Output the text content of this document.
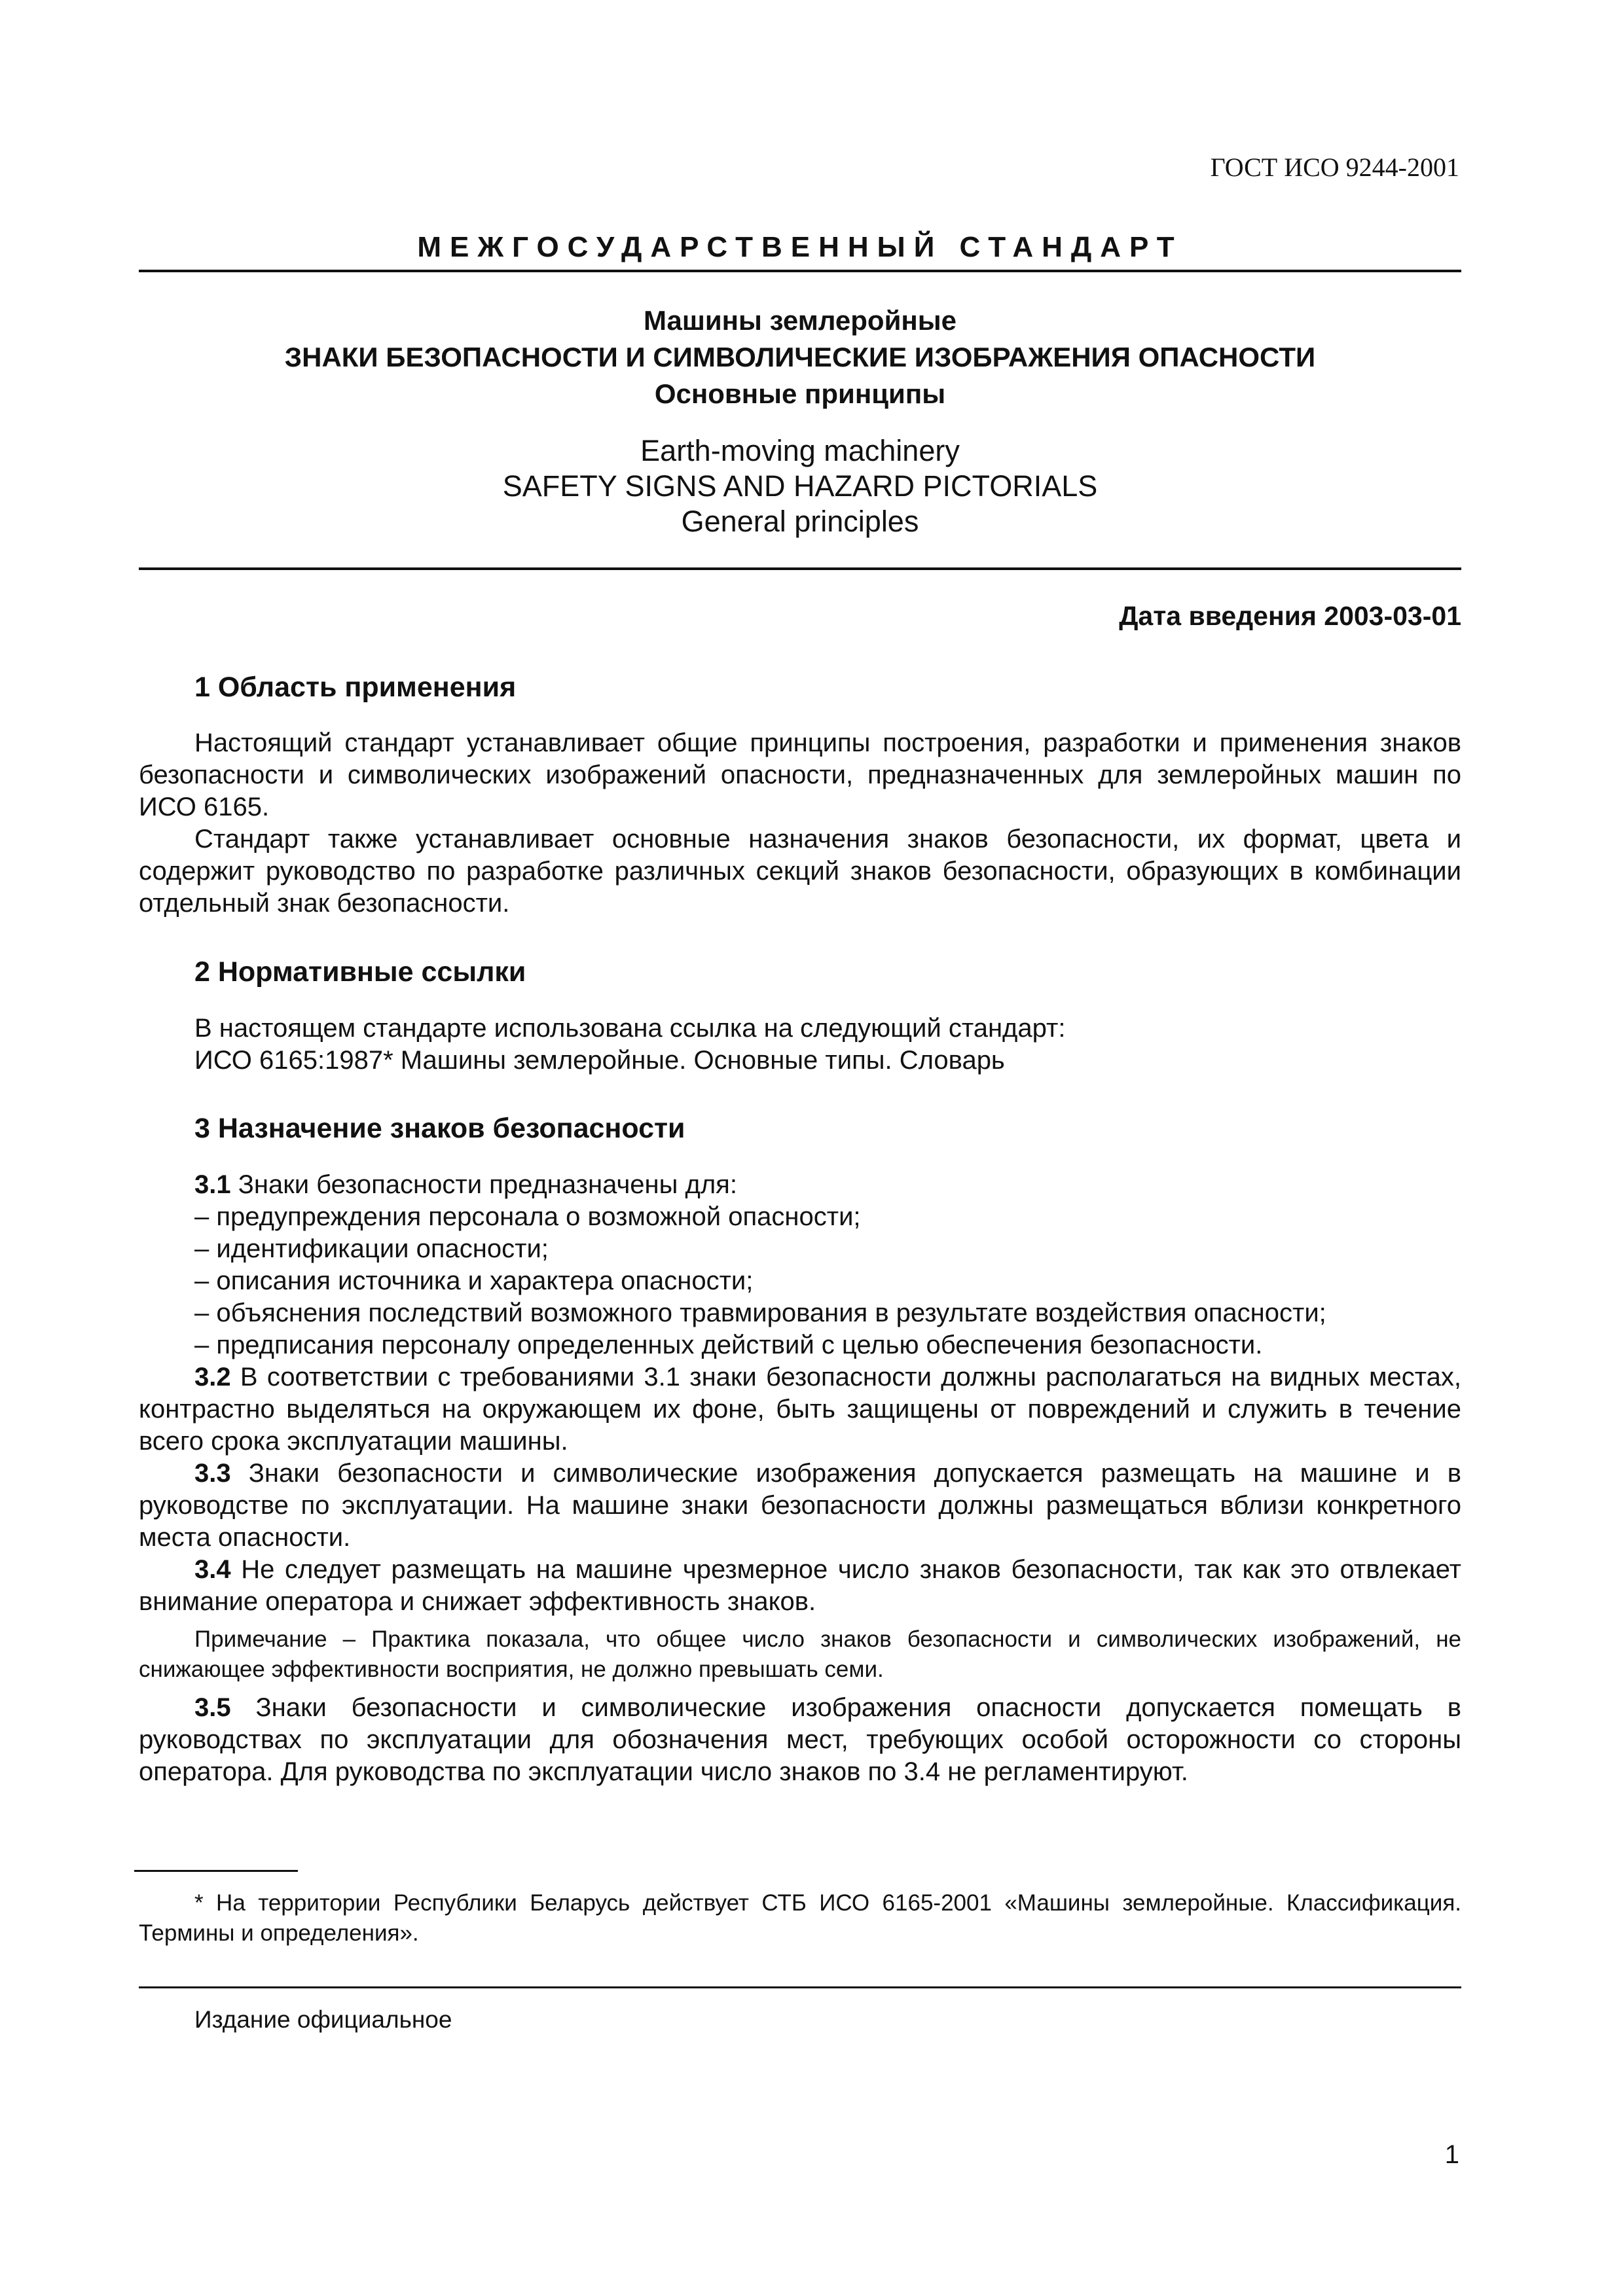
ГОСТ ИСО 9244-2001
МЕЖГОСУДАРСТВЕННЫЙ СТАНДАРТ
Машины землеройные
ЗНАКИ БЕЗОПАСНОСТИ И СИМВОЛИЧЕСКИЕ ИЗОБРАЖЕНИЯ ОПАСНОСТИ
Основные принципы
Earth-moving machinery
SAFETY SIGNS AND HAZARD PICTORIALS
General principles
Дата введения 2003-03-01
1 Область применения
Настоящий стандарт устанавливает общие принципы построения, разработки и применения знаков безопасности и символических изображений опасности, предназначенных для землеройных машин по ИСО 6165.
Стандарт также устанавливает основные назначения знаков безопасности, их формат, цвета и содержит руководство по разработке различных секций знаков безопасности, образующих в комбинации отдельный знак безопасности.
2 Нормативные ссылки
В настоящем стандарте использована ссылка на следующий стандарт:
ИСО 6165:1987* Машины землеройные. Основные типы. Словарь
3 Назначение знаков безопасности
3.1 Знаки безопасности предназначены для:
– предупреждения персонала о возможной опасности;
– идентификации опасности;
– описания источника и характера опасности;
– объяснения последствий возможного травмирования в результате воздействия опасности;
– предписания персоналу определенных действий с целью обеспечения безопасности.
3.2 В соответствии с требованиями 3.1 знаки безопасности должны располагаться на видных местах, контрастно выделяться на окружающем их фоне, быть защищены от повреждений и служить в течение всего срока эксплуатации машины.
3.3 Знаки безопасности и символические изображения допускается размещать на машине и в руководстве по эксплуатации. На машине знаки безопасности должны размещаться вблизи конкретного места опасности.
3.4 Не следует размещать на машине чрезмерное число знаков безопасности, так как это отвлекает внимание оператора и снижает эффективность знаков.
Примечание – Практика показала, что общее число знаков безопасности и символических изображений, не снижающее эффективности восприятия, не должно превышать семи.
3.5 Знаки безопасности и символические изображения опасности допускается помещать в руководствах по эксплуатации для обозначения мест, требующих особой осторожности со стороны оператора. Для руководства по эксплуатации число знаков по 3.4 не регламентируют.
* На территории Республики Беларусь действует СТБ ИСО 6165-2001 «Машины землеройные. Классификация. Термины и определения».
Издание официальное
1
